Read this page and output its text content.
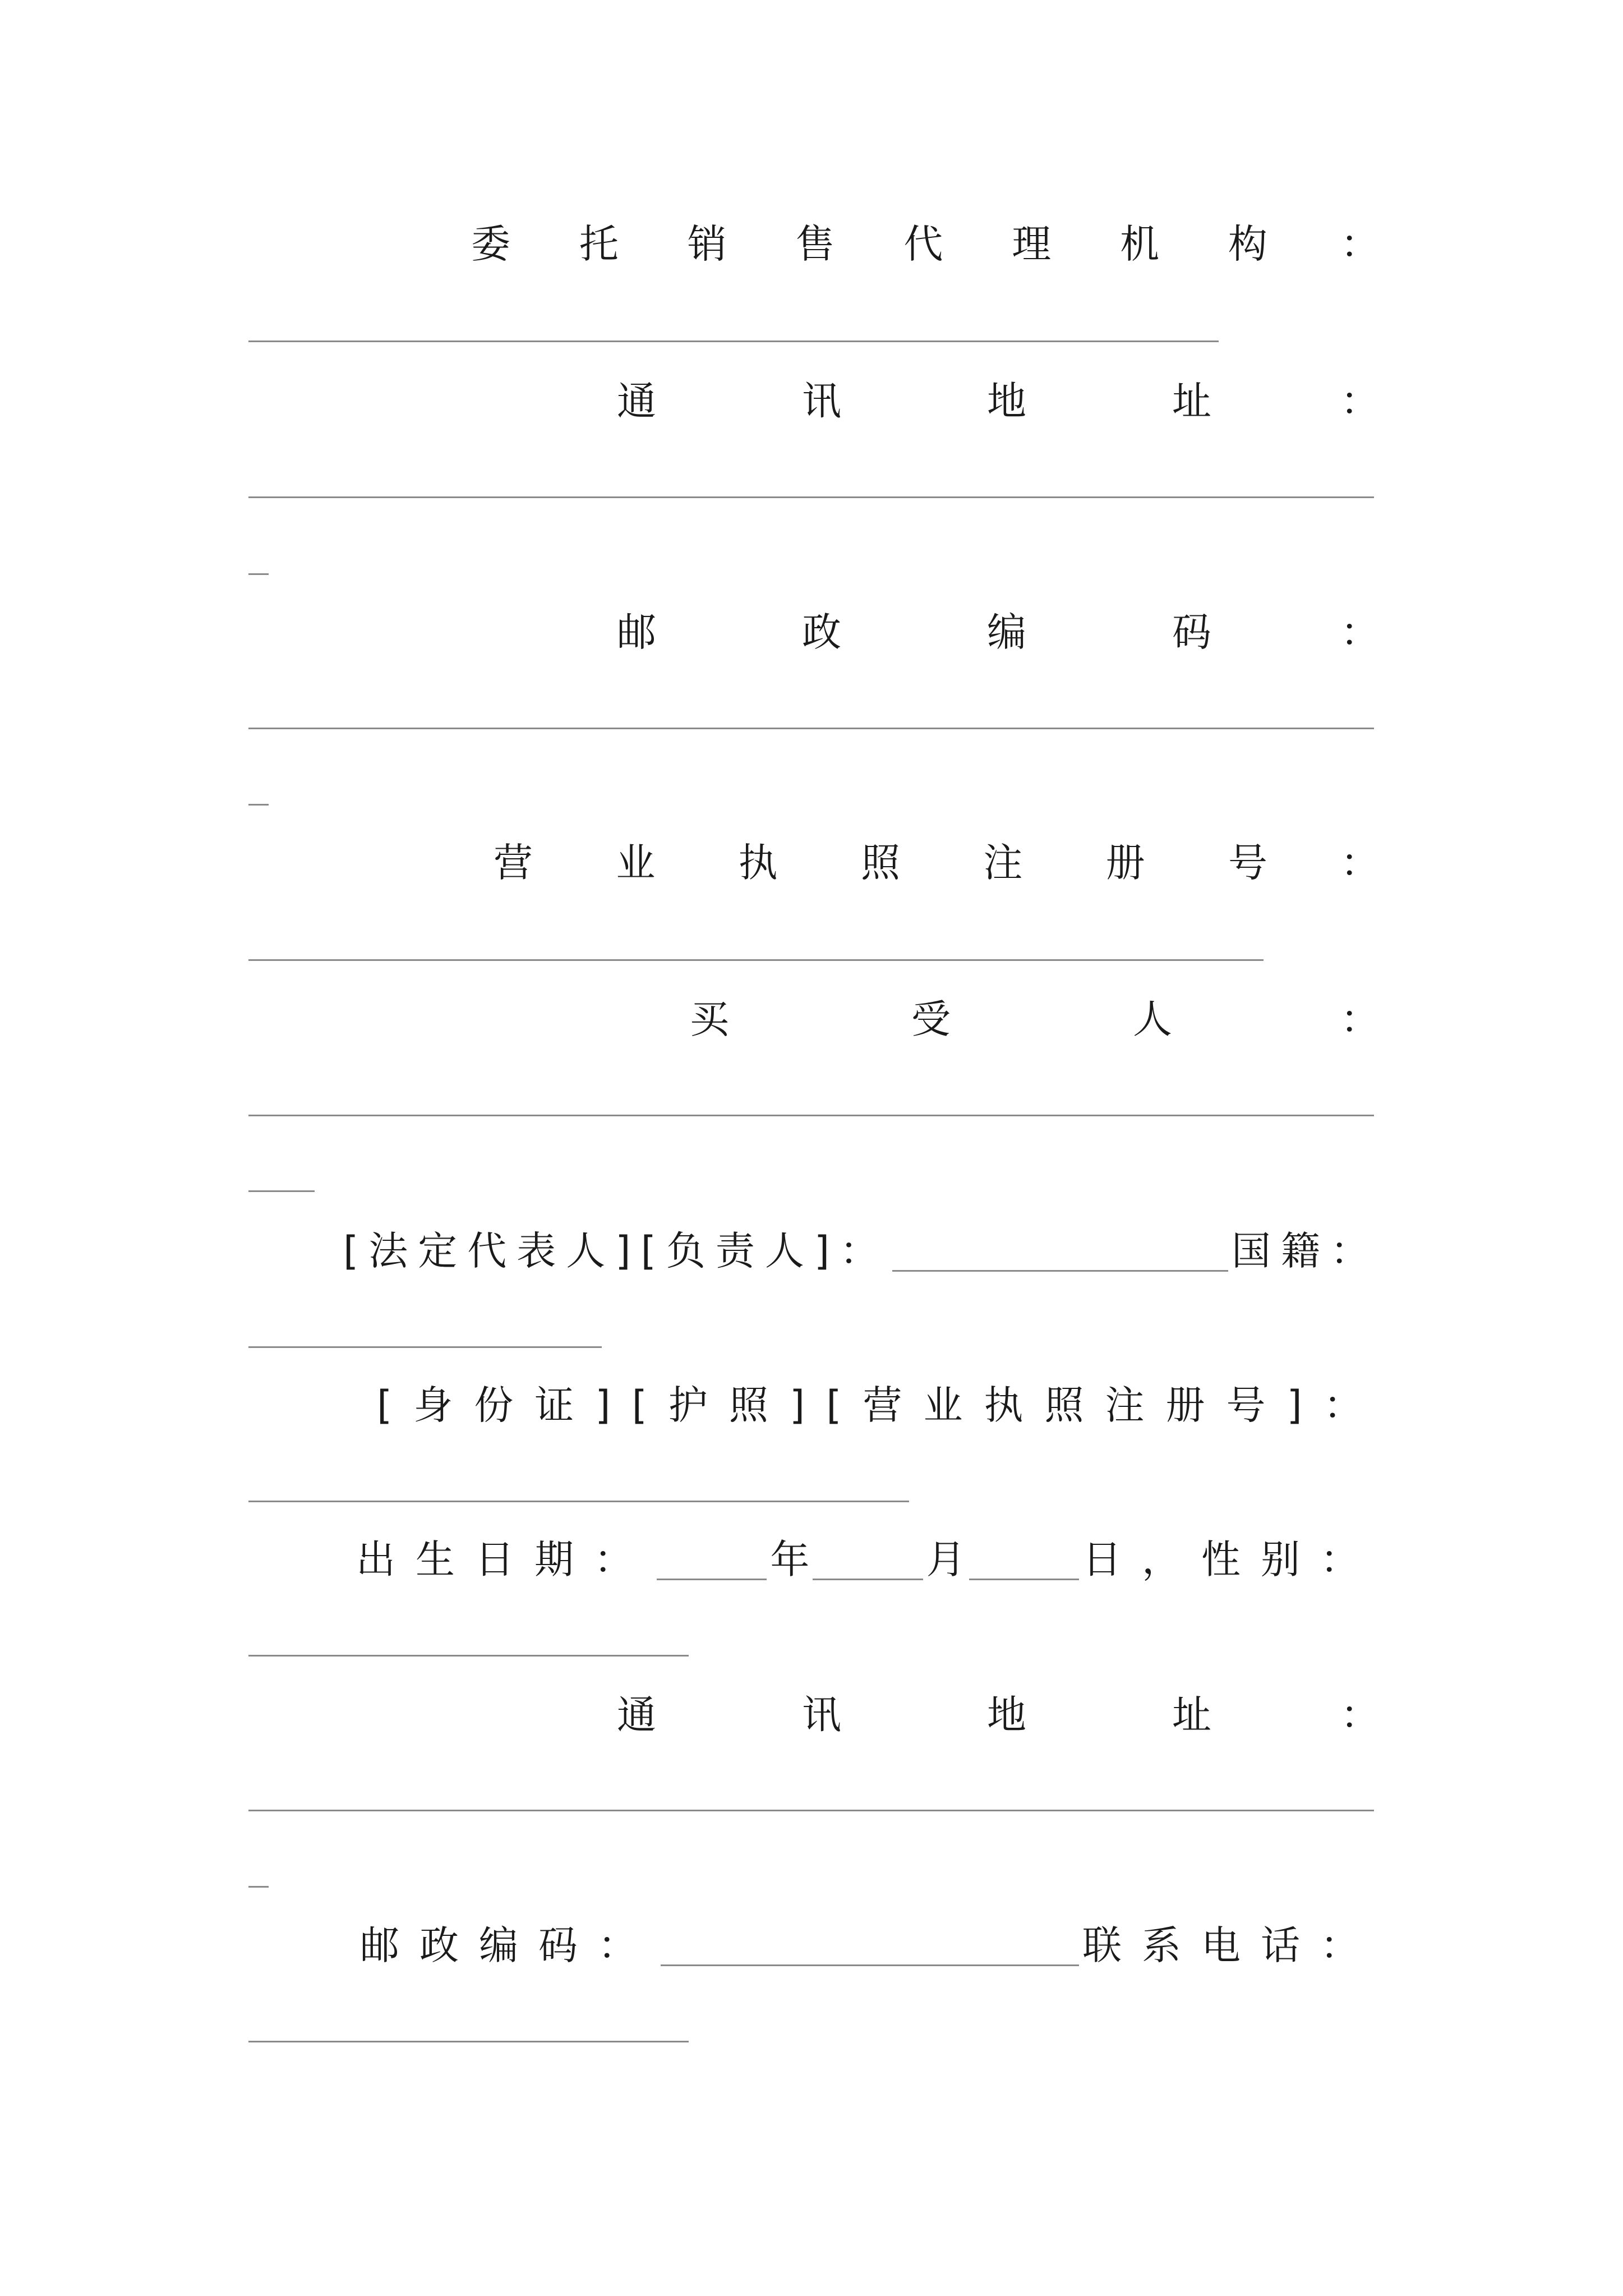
委 托 销 售 代 理 机 构 ：
通	讯	地	址	：
邮	政	编	码	：
营 业 执 照 注 册 号 ：
买	受	人	：
[法定代表人][负责人]：	国籍：
[身份证][护照][营业执照注册号]：
出生日期：	年	月	日， 性别：
通	讯	地	址	：
邮政编码：	联系电话：
